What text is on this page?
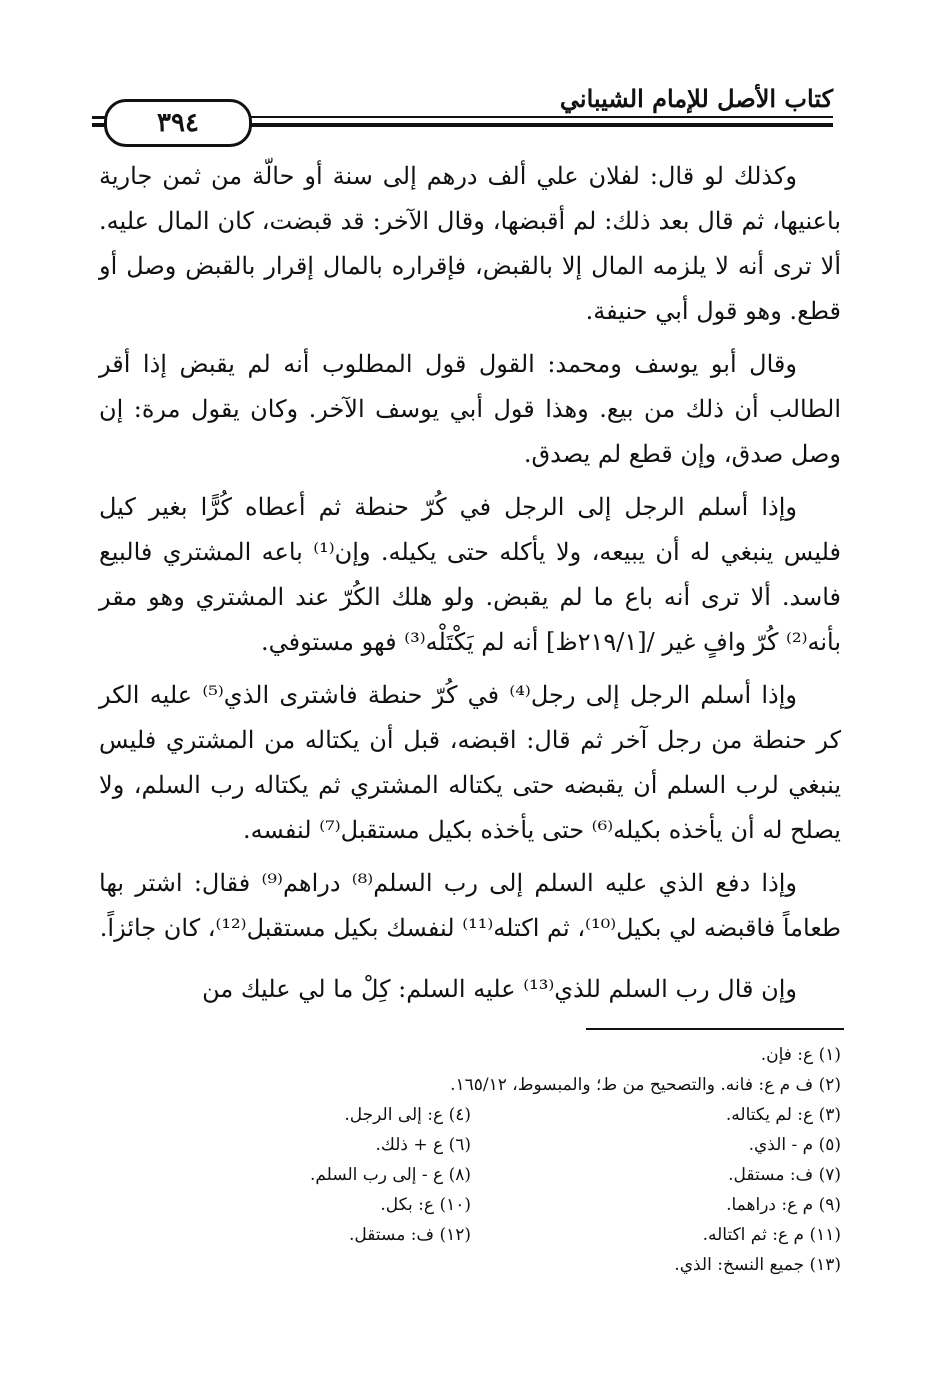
كتاب الأصل للإمام الشيباني
٣٩٤

وكذلك لو قال: لفلان علي ألف درهم إلى سنة أو حالّة من ثمن جارية باعنيها، ثم قال بعد ذلك: لم أقبضها، وقال الآخر: قد قبضت، كان المال عليه. ألا ترى أنه لا يلزمه المال إلا بالقبض، فإقراره بالمال إقرار بالقبض وصل أو قطع. وهو قول أبي حنيفة.

وقال أبو يوسف ومحمد: القول قول المطلوب أنه لم يقبض إذا أقر الطالب أن ذلك من بيع. وهذا قول أبي يوسف الآخر. وكان يقول مرة: إن وصل صدق، وإن قطع لم يصدق.

وإذا أسلم الرجل إلى الرجل في كُرّ حنطة ثم أعطاه كُرًّا بغير كيل فليس ينبغي له أن يبيعه، ولا يأكله حتى يكيله. وإن⁽¹⁾ باعه المشتري فالبيع فاسد. ألا ترى أنه باع ما لم يقبض. ولو هلك الكُرّ عند المشتري وهو مقر بأنه⁽²⁾ كُرّ وافٍ غير /[٢١٩/١ظ] أنه لم يَكْتَلْه⁽³⁾ فهو مستوفي.

وإذا أسلم الرجل إلى رجل⁽⁴⁾ في كُرّ حنطة فاشترى الذي⁽⁵⁾ عليه الكر كر حنطة من رجل آخر ثم قال: اقبضه، قبل أن يكتاله من المشتري فليس ينبغي لرب السلم أن يقبضه حتى يكتاله المشتري ثم يكتاله رب السلم، ولا يصلح له أن يأخذه بكيله⁽⁶⁾ حتى يأخذه بكيل مستقبل⁽⁷⁾ لنفسه.

وإذا دفع الذي عليه السلم إلى رب السلم⁽⁸⁾ دراهم⁽⁹⁾ فقال: اشتر بها طعاماً فاقبضه لي بكيل⁽¹⁰⁾، ثم اكتله⁽¹¹⁾ لنفسك بكيل مستقبل⁽¹²⁾، كان جائزاً.

وإن قال رب السلم للذي⁽¹³⁾ عليه السلم: كِلْ ما لي عليك من

(١) ع: فإن.
(٢) ف م ع: فانه. والتصحيح من ط؛ والمبسوط، ١٦٥/١٢.
(٣) ع: لم يكتاله.
(٤) ع: إلى الرجل.
(٥) م - الذي.
(٦) ع + ذلك.
(٧) ف: مستقل.
(٨) ع - إلى رب السلم.
(٩) م ع: دراهما.
(١٠) ع: بكل.
(١١) م ع: ثم اكتاله.
(١٢) ف: مستقل.
(١٣) جميع النسخ: الذي.
